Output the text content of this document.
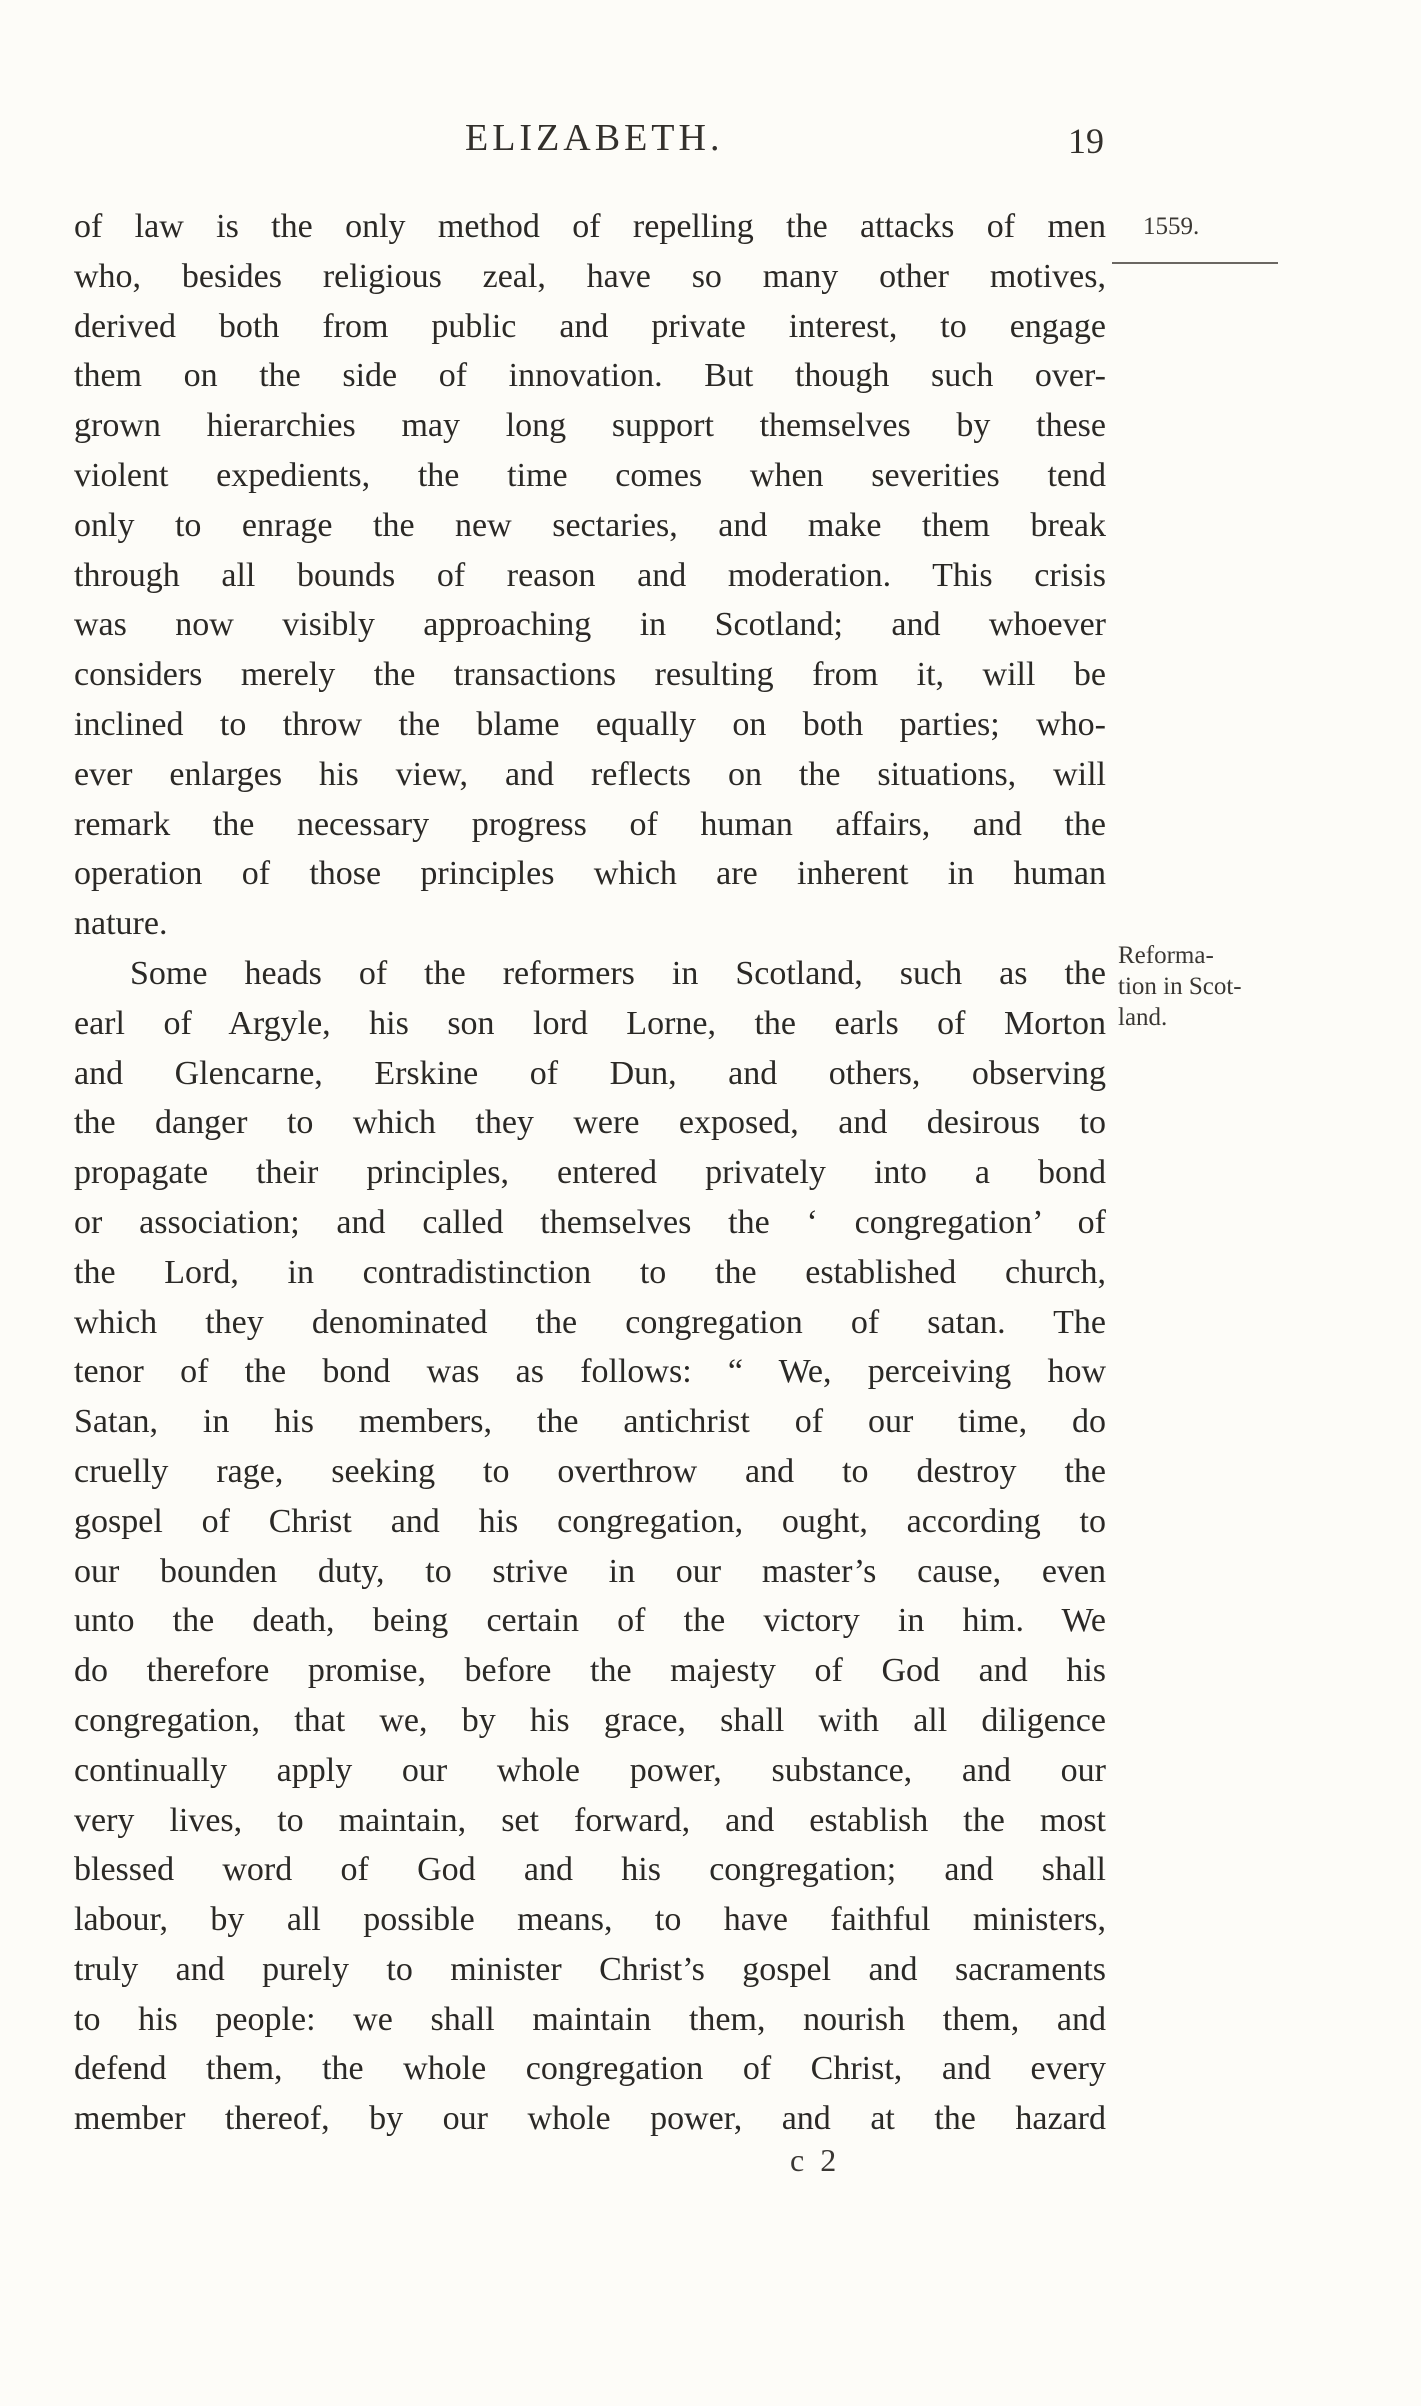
ELIZABETH.	19
1559.
Reforma-
tion in Scot-
land.
of law is the only method of repelling the attacks of men
who, besides religious zeal, have so many other motives,
derived both from public and private interest, to engage
them on the side of innovation. But though such over-
grown hierarchies may long support themselves by these
violent expedients, the time comes when severities tend
only to enrage the new sectaries, and make them break
through all bounds of reason and moderation. This crisis
was now visibly approaching in Scotland; and whoever
considers merely the transactions resulting from it, will be
inclined to throw the blame equally on both parties; who-
ever enlarges his view, and reflects on the situations, will
remark the necessary progress of human affairs, and the
operation of those principles which are inherent in human
nature.
Some heads of the reformers in Scotland, such as the
earl of Argyle, his son lord Lorne, the earls of Morton
and Glencarne, Erskine of Dun, and others, observing
the danger to which they were exposed, and desirous to
propagate their principles, entered privately into a bond
or association; and called themselves the ‘ congregation’ of
the Lord, in contradistinction to the established church,
which they denominated the congregation of satan. The
tenor of the bond was as follows: “ We, perceiving how
Satan, in his members, the antichrist of our time, do
cruelly rage, seeking to overthrow and to destroy the
gospel of Christ and his congregation, ought, according to
our bounden duty, to strive in our master’s cause, even
unto the death, being certain of the victory in him. We
do therefore promise, before the majesty of God and his
congregation, that we, by his grace, shall with all diligence
continually apply our whole power, substance, and our
very lives, to maintain, set forward, and establish the most
blessed word of God and his congregation; and shall
labour, by all possible means, to have faithful ministers,
truly and purely to minister Christ’s gospel and sacraments
to his people: we shall maintain them, nourish them, and
defend them, the whole congregation of Christ, and every
member thereof, by our whole power, and at the hazard
c 2
